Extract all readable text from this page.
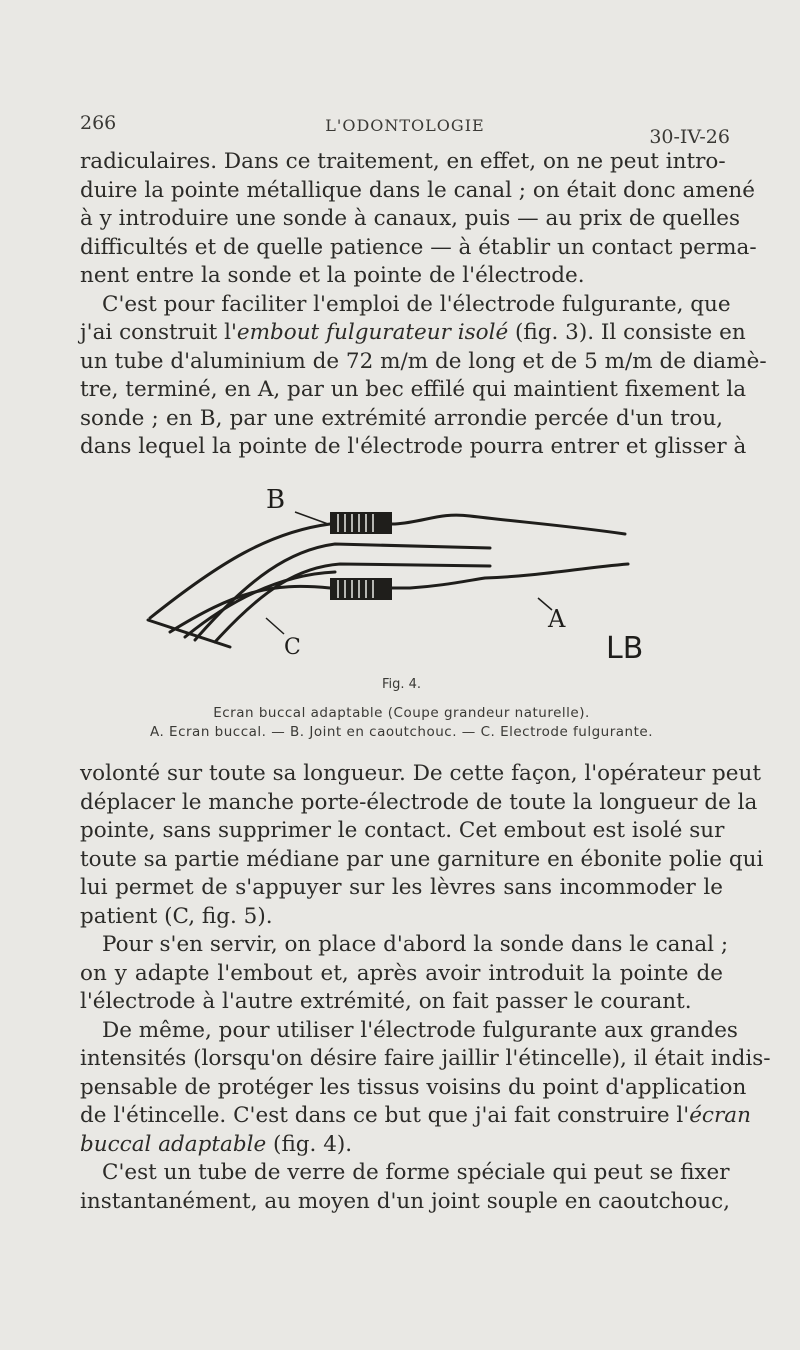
266	L'ODONTOLOGIE
30-IV-26
radiculaires. Dans ce traitement, en effet, on ne peut intro-
duire la pointe métallique dans le canal ; on était donc amené
à y introduire une sonde à canaux, puis — au prix de quelles
difficultés et de quelle patience — à établir un contact perma-
nent entre la sonde et la pointe de l'électrode.
C'est pour faciliter l'emploi de l'électrode fulgurante, que
j'ai construit l'embout fulgurateur isolé (fig. 3). Il consiste en
un tube d'aluminium de 72 m/m de long et de 5 m/m de diamè-
tre, terminé, en A, par un bec effilé qui maintient fixement la
sonde ; en B, par une extrémité arrondie percée d'un trou,
dans lequel la pointe de l'électrode pourra entrer et glisser à
B
A
C	LB
Fig. 4.
Ecran buccal adaptable (Coupe grandeur naturelle).
A. Ecran buccal. — B. Joint en caoutchouc. — C. Electrode fulgurante.
volonté sur toute sa longueur. De cette façon, l'opérateur peut
déplacer le manche porte-électrode de toute la longueur de la
pointe, sans supprimer le contact. Cet embout est isolé sur
toute sa partie médiane par une garniture en ébonite polie qui
lui permet de s'appuyer sur les lèvres sans incommoder le
patient (C, fig. 5).
Pour s'en servir, on place d'abord la sonde dans le canal ;
on y adapte l'embout et, après avoir introduit la pointe de
l'électrode à l'autre extrémité, on fait passer le courant.
De même, pour utiliser l'électrode fulgurante aux grandes
intensités (lorsqu'on désire faire jaillir l'étincelle), il était indis-
pensable de protéger les tissus voisins du point d'application
de l'étincelle. C'est dans ce but que j'ai fait construire l'écran
buccal adaptable (fig. 4).
C'est un tube de verre de forme spéciale qui peut se fixer
instantanément, au moyen d'un joint souple en caoutchouc,
